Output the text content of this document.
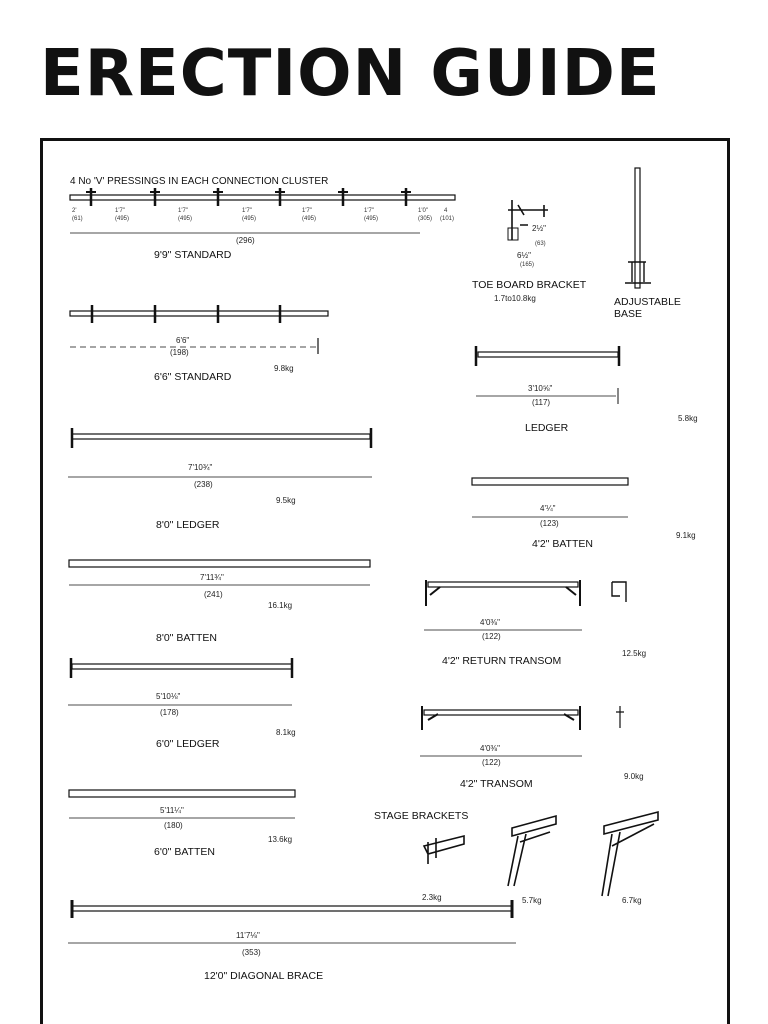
ERECTION GUIDE
4 No 'V' PRESSINGS IN EACH CONNECTION CLUSTER
2'
(61)
1'7"
(495)
1'7"
(495)
1'7"
(495)
1'7"
(495)
1'7"
(495)
1'0"
(305)
4
(101)
(296)
9'9" STANDARD
2½"
(63)
6½"
(165)
TOE BOARD BRACKET
1.7to10.8kg	ADJUSTABLE BASE
6'6"
(198)
9.8kg
6'6" STANDARD
3'10⅝"
(117)
5.8kg
LEDGER
7'10¾"
(238)
9.5kg
8'0" LEDGER
4'¼"
(123)
9.1kg
4'2" BATTEN
7'11¾"
(241)
16.1kg
8'0" BATTEN
4'0⅜"
(122)
12.5kg
4'2" RETURN TRANSOM
5'10⅛"
(178)
8.1kg
6'0" LEDGER	4'0⅜"
(122)
9.0kg
4'2" TRANSOM
5'11¼"
(180)
13.6kg
6'0" BATTEN
STAGE BRACKETS
2.3kg	5.7kg	6.7kg
11'7⅛"
(353)
12'0" DIAGONAL BRACE
